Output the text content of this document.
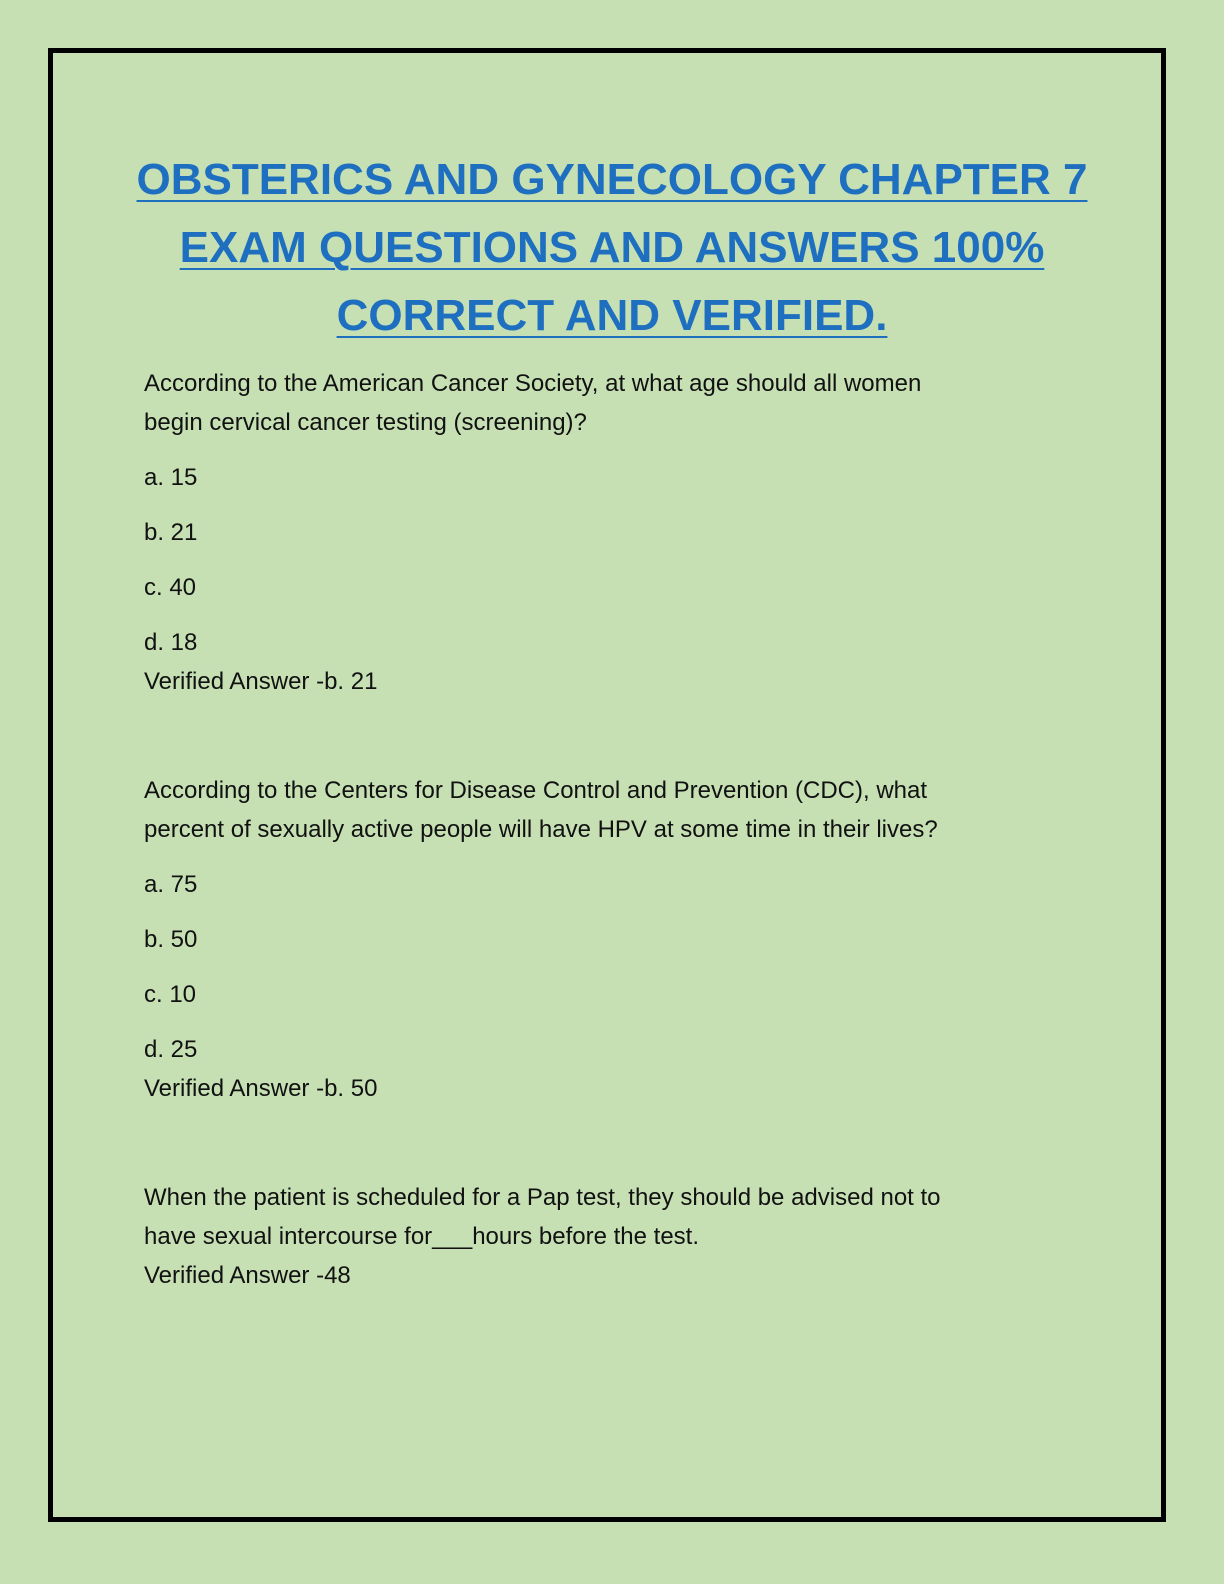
OBSTERICS AND GYNECOLOGY CHAPTER 7
EXAM QUESTIONS AND ANSWERS 100%
CORRECT AND VERIFIED.

According to the American Cancer Society, at what age should all women
begin cervical cancer testing (screening)?

a. 15

b. 21

c. 40

d. 18

Verified Answer -b. 21

According to the Centers for Disease Control and Prevention (CDC), what
percent of sexually active people will have HPV at some time in their lives?

a. 75

b. 50

c. 10

d. 25

Verified Answer -b. 50

When the patient is scheduled for a Pap test, they should be advised not to
have sexual intercourse for___hours before the test.

Verified Answer -48
